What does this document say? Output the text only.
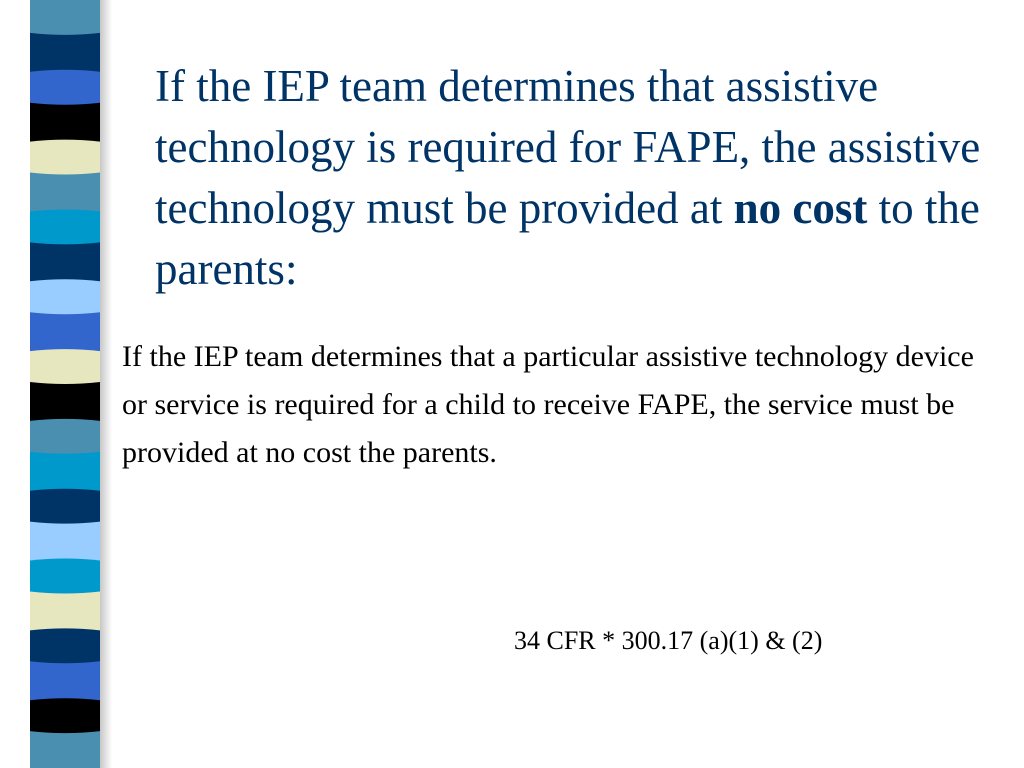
If the IEP team determines that assistive technology is required for FAPE, the assistive technology must be provided at no cost to the parents:

If the IEP team determines that a particular assistive technology device or service is required for a child to receive FAPE, the service must be provided at no cost the parents.

34 CFR * 300.17 (a)(1) & (2)
